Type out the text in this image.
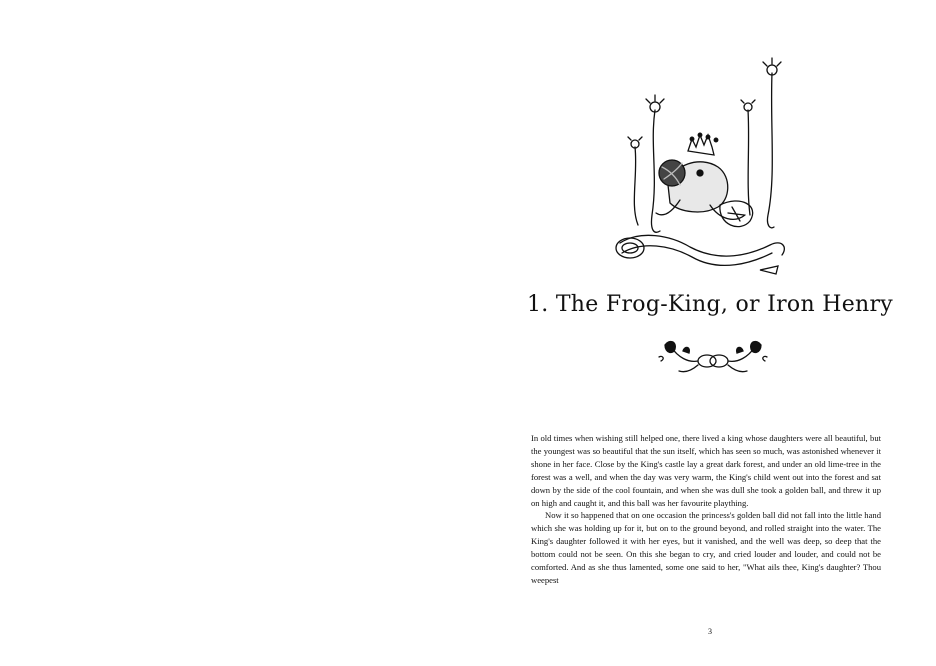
1. The Frog-King, or Iron Henry

In old times when wishing still helped one, there lived a king whose daughters were all beautiful, but the youngest was so beautiful that the sun itself, which has seen so much, was astonished whenever it shone in her face. Close by the King's castle lay a great dark forest, and under an old lime-tree in the forest was a well, and when the day was very warm, the King's child went out into the forest and sat down by the side of the cool fountain, and when she was dull she took a golden ball, and threw it up on high and caught it, and this ball was her favourite plaything.

Now it so happened that on one occasion the princess's golden ball did not fall into the little hand which she was holding up for it, but on to the ground beyond, and rolled straight into the water. The King's daughter followed it with her eyes, but it vanished, and the well was deep, so deep that the bottom could not be seen. On this she began to cry, and cried louder and louder, and could not be comforted. And as she thus lamented, some one said to her, "What ails thee, King's daughter? Thou weepest

3
